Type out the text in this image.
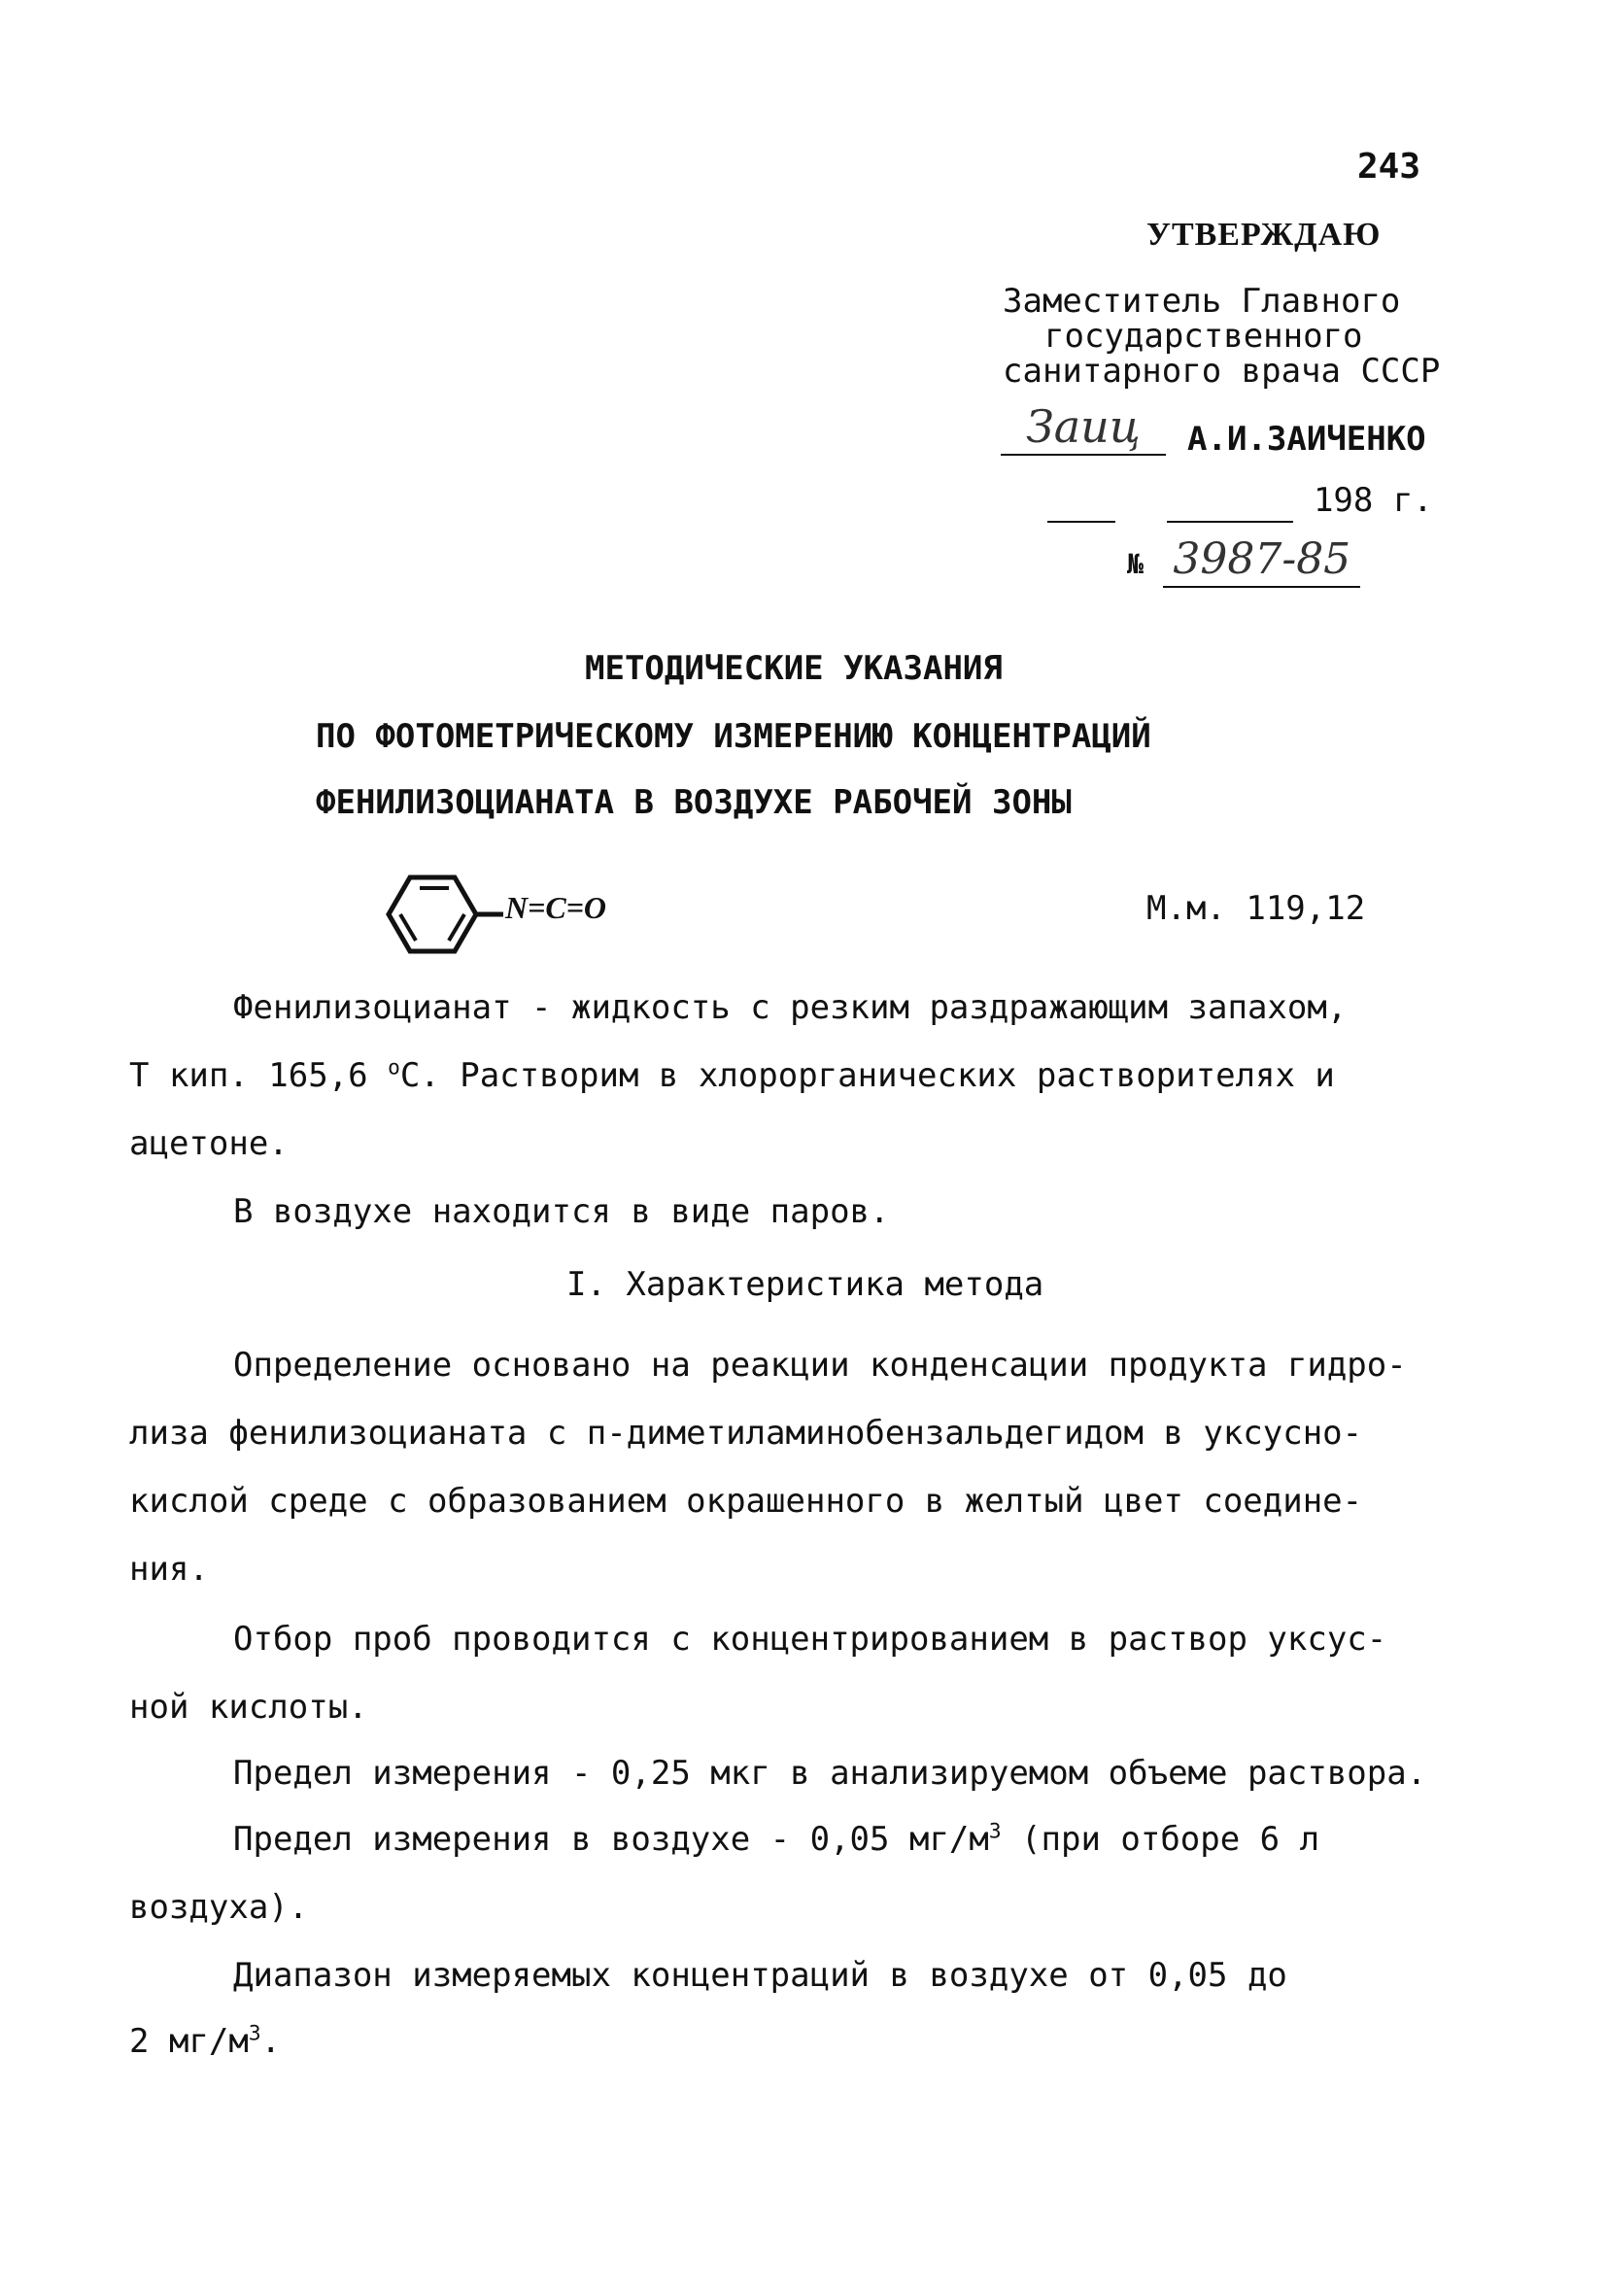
243
УТВЕРЖДАЮ
Заместитель Главного
государственного
санитарного врача СССР
Заиц	А.И.ЗАИЧЕНКО
198 г.
№ 3987-85
МЕТОДИЧЕСКИЕ УКАЗАНИЯ
ПО ФОТОМЕТРИЧЕСКОМУ ИЗМЕРЕНИЮ КОНЦЕНТРАЦИЙ
ФЕНИЛИЗОЦИАНАТА В ВОЗДУХЕ РАБОЧЕЙ ЗОНЫ
N=C=O	М.м. 119,12
Фенилизоцианат - жидкость с резким раздражающим запахом,
Т кип. 165,6 $^о$С. Растворим в хлорорганических растворителях и
ацетоне.
В воздухе находится в виде паров.
I. Характеристика метода
Определение основано на реакции конденсации продукта гидро-
лиза фенилизоцианата с п-диметиламинобензальдегидом в уксусно-
кислой среде с образованием окрашенного в желтый цвет соедине-
ния.
Отбор проб проводится с концентрированием в раствор уксус-
ной кислоты.
Предел измерения - 0,25 мкг в анализируемом объеме раствора.
Предел измерения в воздухе - 0,05 $мг/м^3$ (при отборе 6 л
воздуха).
Диапазон измеряемых концентраций в воздухе от 0,05 до
2 $мг/м^3$.
